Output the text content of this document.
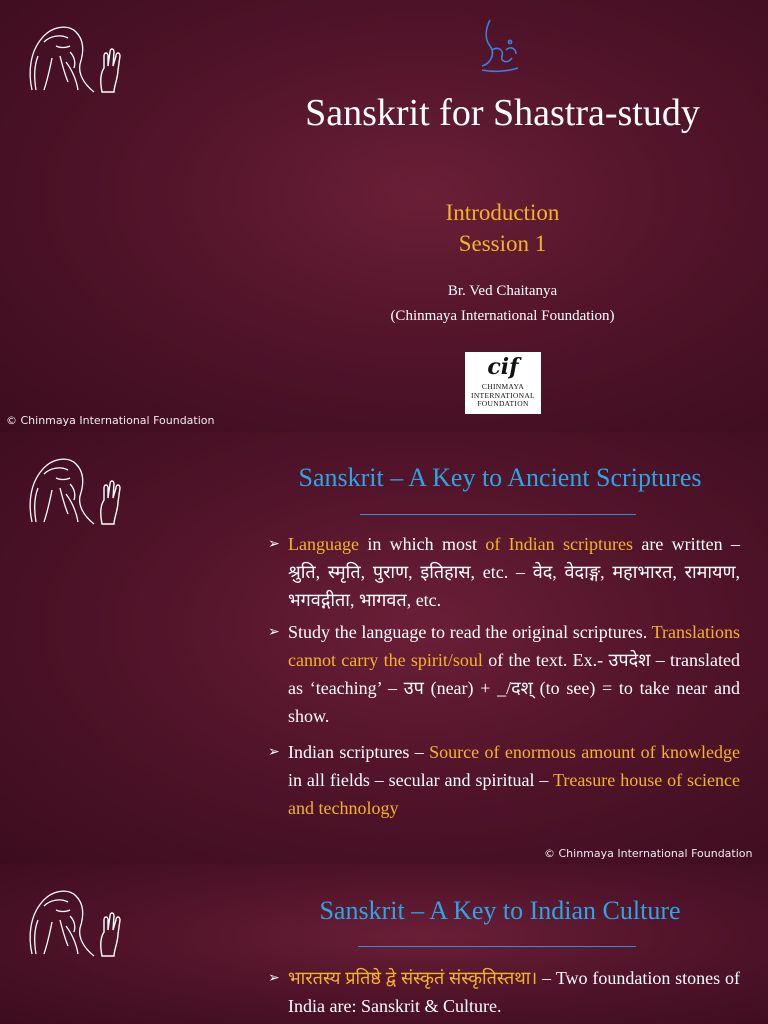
Sanskrit for Shastra-study
Introduction
Session 1
Br. Ved Chaitanya
(Chinmaya International Foundation)
cif
CHINMAYA
INTERNATIONAL
FOUNDATION
© Chinmaya International Foundation
Sanskrit – A Key to Ancient Scriptures
➢ Language in which most of Indian scriptures are written – श्रुति, स्मृति, पुराण, इतिहास, etc. – वेद, वेदाङ्ग, महाभारत, रामायण, भगवद्गीता, भागवत, etc.
➢ Study the language to read the original scriptures. Translations cannot carry the spirit/soul of the text. Ex.- उपदेश – translated as ‘teaching’ – उप (near) + _/दश् (to see) = to take near and show.
➢ Indian scriptures – Source of enormous amount of knowledge in all fields – secular and spiritual – Treasure house of science and technology
© Chinmaya International Foundation
Sanskrit – A Key to Indian Culture
➢ भारतस्य प्रतिष्ठे द्वे संस्कृतं संस्कृतिस्तथा। – Two foundation stones of India are: Sanskrit & Culture.
